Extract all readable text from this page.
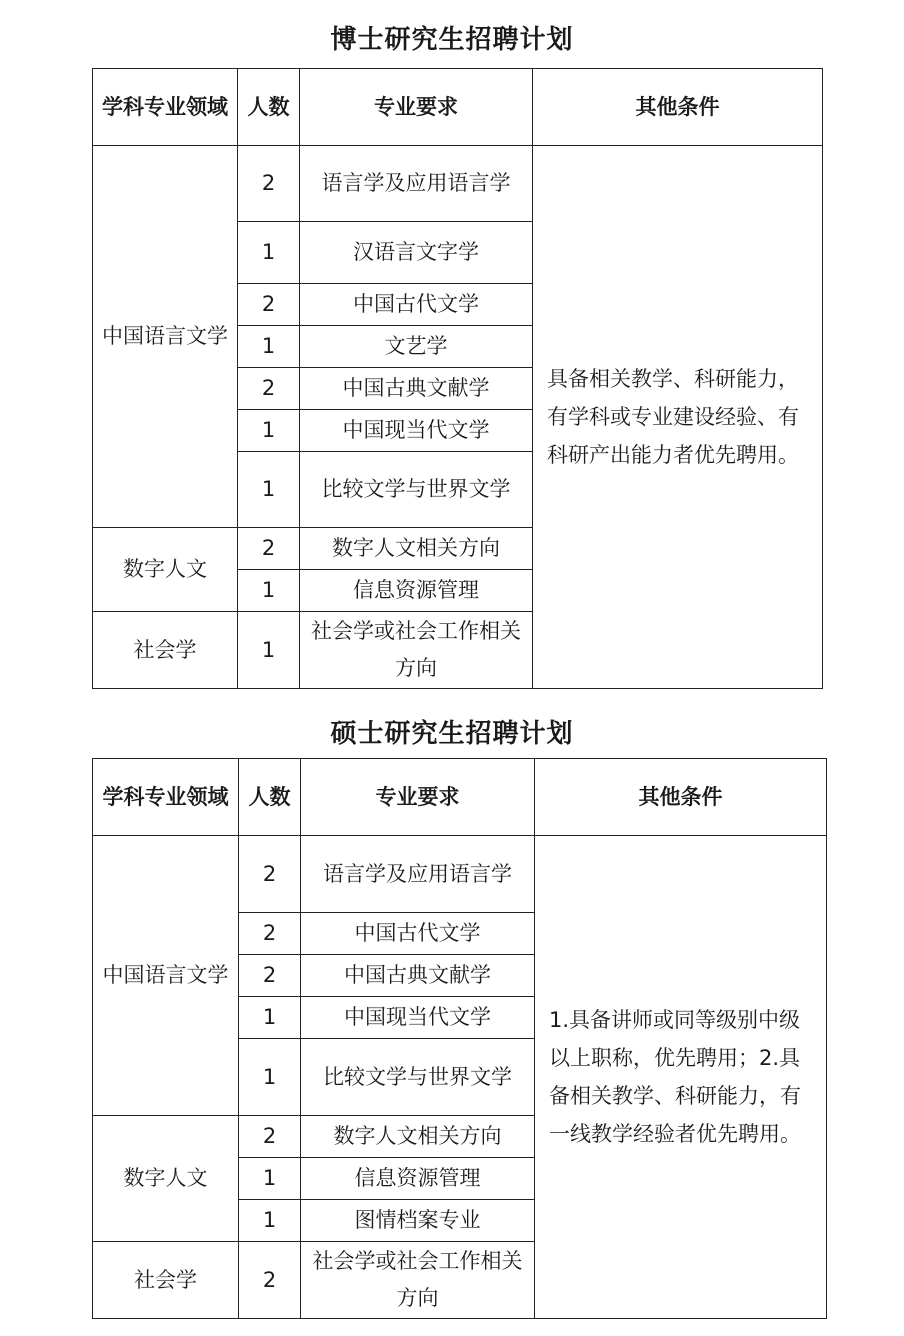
博士研究生招聘计划
学科专业领域	人数	专业要求	其他条件
中国语言文学	2	语言学及应用语言学	具备相关教学、科研能力，有学科或专业建设经验、有科研产出能力者优先聘用。
	1	汉语言文字学	
	2	中国古代文学	
	1	文艺学	
	2	中国古典文献学	
	1	中国现当代文学	
	1	比较文学与世界文学	
数字人文	2	数字人文相关方向	
	1	信息资源管理	
社会学	1	社会学或社会工作相关方向	
硕士研究生招聘计划
学科专业领域	人数	专业要求	其他条件
中国语言文学	2	语言学及应用语言学	1.具备讲师或同等级别中级以上职称，优先聘用；2.具备相关教学、科研能力，有一线教学经验者优先聘用。
	2	中国古代文学	
	2	中国古典文献学	
	1	中国现当代文学	
	1	比较文学与世界文学	
数字人文	2	数字人文相关方向	
	1	信息资源管理	
	1	图情档案专业	
社会学	2	社会学或社会工作相关方向	
